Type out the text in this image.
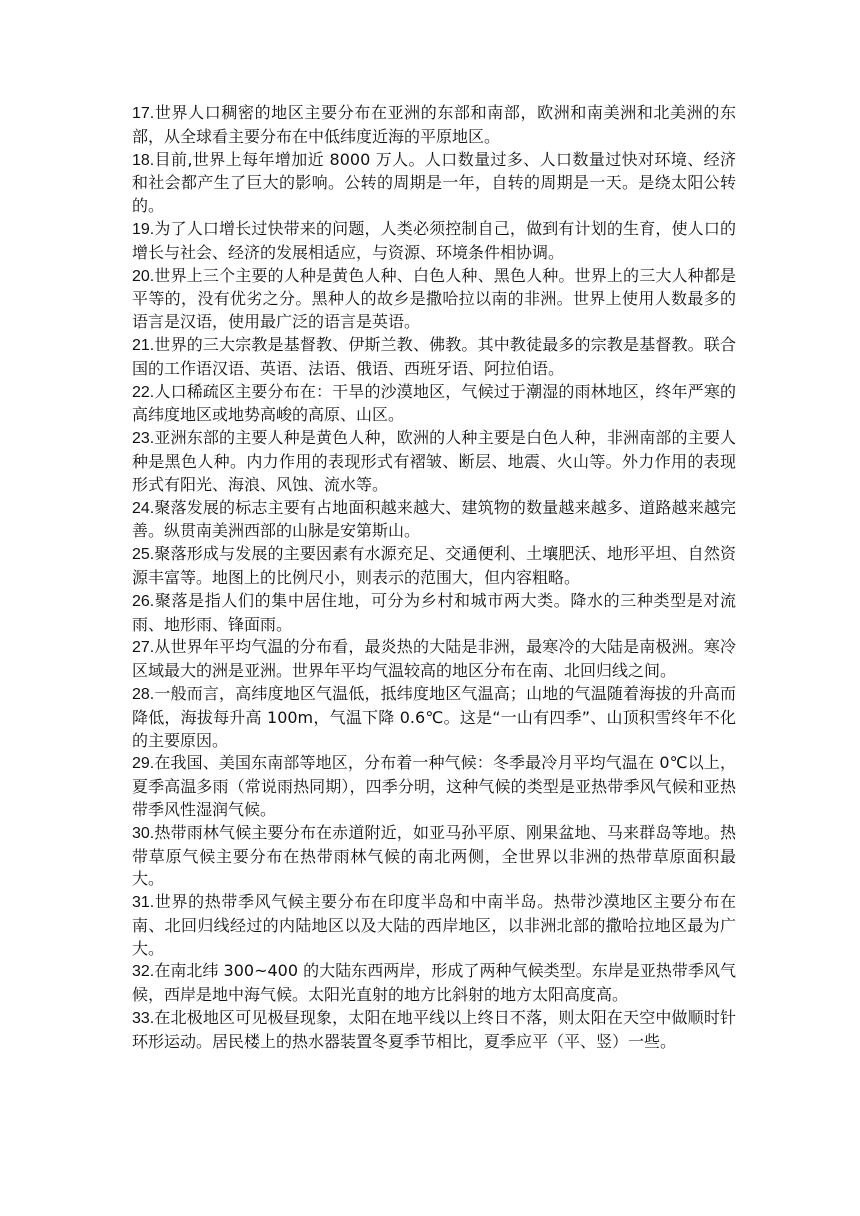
17.世界人口稠密的地区主要分布在亚洲的东部和南部，欧洲和南美洲和北美洲的东部，从全球看主要分布在中低纬度近海的平原地区。

18.目前,世界上每年增加近 8000 万人。人口数量过多、人口数量过快对环境、经济和社会都产生了巨大的影响。公转的周期是一年，自转的周期是一天。是绕太阳公转的。

19.为了人口增长过快带来的问题，人类必须控制自己，做到有计划的生育，使人口的增长与社会、经济的发展相适应，与资源、环境条件相协调。

20.世界上三个主要的人种是黄色人种、白色人种、黑色人种。世界上的三大人种都是平等的，没有优劣之分。黑种人的故乡是撒哈拉以南的非洲。世界上使用人数最多的语言是汉语，使用最广泛的语言是英语。

21.世界的三大宗教是基督教、伊斯兰教、佛教。其中教徒最多的宗教是基督教。联合国的工作语汉语、英语、法语、俄语、西班牙语、阿拉伯语。

22.人口稀疏区主要分布在：干旱的沙漠地区，气候过于潮湿的雨林地区，终年严寒的高纬度地区或地势高峻的高原、山区。

23.亚洲东部的主要人种是黄色人种，欧洲的人种主要是白色人种，非洲南部的主要人种是黑色人种。内力作用的表现形式有褶皱、断层、地震、火山等。外力作用的表现形式有阳光、海浪、风蚀、流水等。

24.聚落发展的标志主要有占地面积越来越大、建筑物的数量越来越多、道路越来越完善。纵贯南美洲西部的山脉是安第斯山。

25.聚落形成与发展的主要因素有水源充足、交通便利、土壤肥沃、地形平坦、自然资源丰富等。地图上的比例尺小，则表示的范围大，但内容粗略。

26.聚落是指人们的集中居住地，可分为乡村和城市两大类。降水的三种类型是对流雨、地形雨、锋面雨。

27.从世界年平均气温的分布看，最炎热的大陆是非洲，最寒冷的大陆是南极洲。寒冷区域最大的洲是亚洲。世界年平均气温较高的地区分布在南、北回归线之间。

28.一般而言，高纬度地区气温低，抵纬度地区气温高；山地的气温随着海拔的升高而降低，海拔每升高 100m，气温下降 0.6℃。这是“一山有四季”、山顶积雪终年不化的主要原因。

29.在我国、美国东南部等地区，分布着一种气候：冬季最冷月平均气温在 0℃以上，夏季高温多雨（常说雨热同期），四季分明，这种气候的类型是亚热带季风气候和亚热带季风性湿润气候。

30.热带雨林气候主要分布在赤道附近，如亚马孙平原、刚果盆地、马来群岛等地。热带草原气候主要分布在热带雨林气候的南北两侧，全世界以非洲的热带草原面积最大。

31.世界的热带季风气候主要分布在印度半岛和中南半岛。热带沙漠地区主要分布在南、北回归线经过的内陆地区以及大陆的西岸地区，以非洲北部的撒哈拉地区最为广大。

32.在南北纬 300~400 的大陆东西两岸，形成了两种气候类型。东岸是亚热带季风气候，西岸是地中海气候。太阳光直射的地方比斜射的地方太阳高度高。

33.在北极地区可见极昼现象，太阳在地平线以上终日不落，则太阳在天空中做顺时针环形运动。居民楼上的热水器装置冬夏季节相比，夏季应平（平、竖）一些。
